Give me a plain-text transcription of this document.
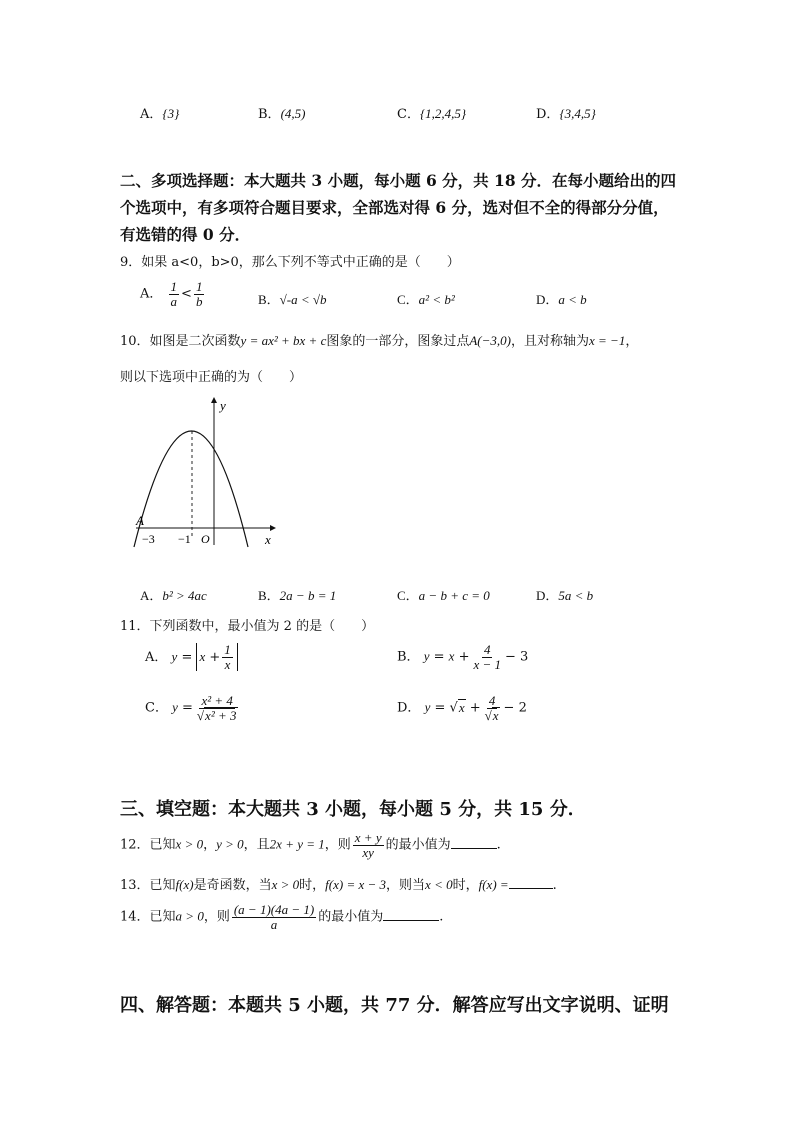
A．{3}	B．(4,5)	C．{1,2,4,5}	D．{3,4,5}
二、多项选择题：本大题共 3 小题，每小题 6 分，共 18 分．在每小题给出的四
个选项中，有多项符合题目要求，全部选对得 6 分，选对但不全的得部分分值，
有选错的得 0 分．
9．如果 a<0，b>0，那么下列不等式中正确的是（　　）
A． $\frac{1}{a} < \frac{1}{b}$	B．√-a < √b	C．a² < b²	D．a < b
10．如图是二次函数y = ax² + bx + c图象的一部分，图象过点A(−3,0)，且对称轴为x = −1，
则以下选项中正确的为（　　）
y
x
A
−3 −1 O
A．b² > 4ac	B．2a − b = 1	C．a − b + c = 0	D．5a < b
11．下列函数中，最小值为 2 的是（　　）
A． $y = x + \frac{1}{x}$	B． $y = x + \frac{4}{x - 1} - 3$
C． $y = \frac{\text{x² + 4}}{\text{√x² + 3}}$	D． $y = √x + \frac{4}{√x} - 2$
三、填空题：本大题共 3 小题，每小题 5 分，共 15 分．
12．已知x > 0，y > 0，且2x + y = 1，则 $\frac{x + y}{xy}$ 的最小值为	.
13．已知f(x)是奇函数，当x > 0时，f(x) = x − 3，则当x < 0时，f(x) =	.
14．已知a > 0，则 $\frac{(a - 1)(4a - 1)}{a}$ 的最小值为	.
四、解答题：本题共 5 小题，共 77 分．解答应写出文字说明、证明
